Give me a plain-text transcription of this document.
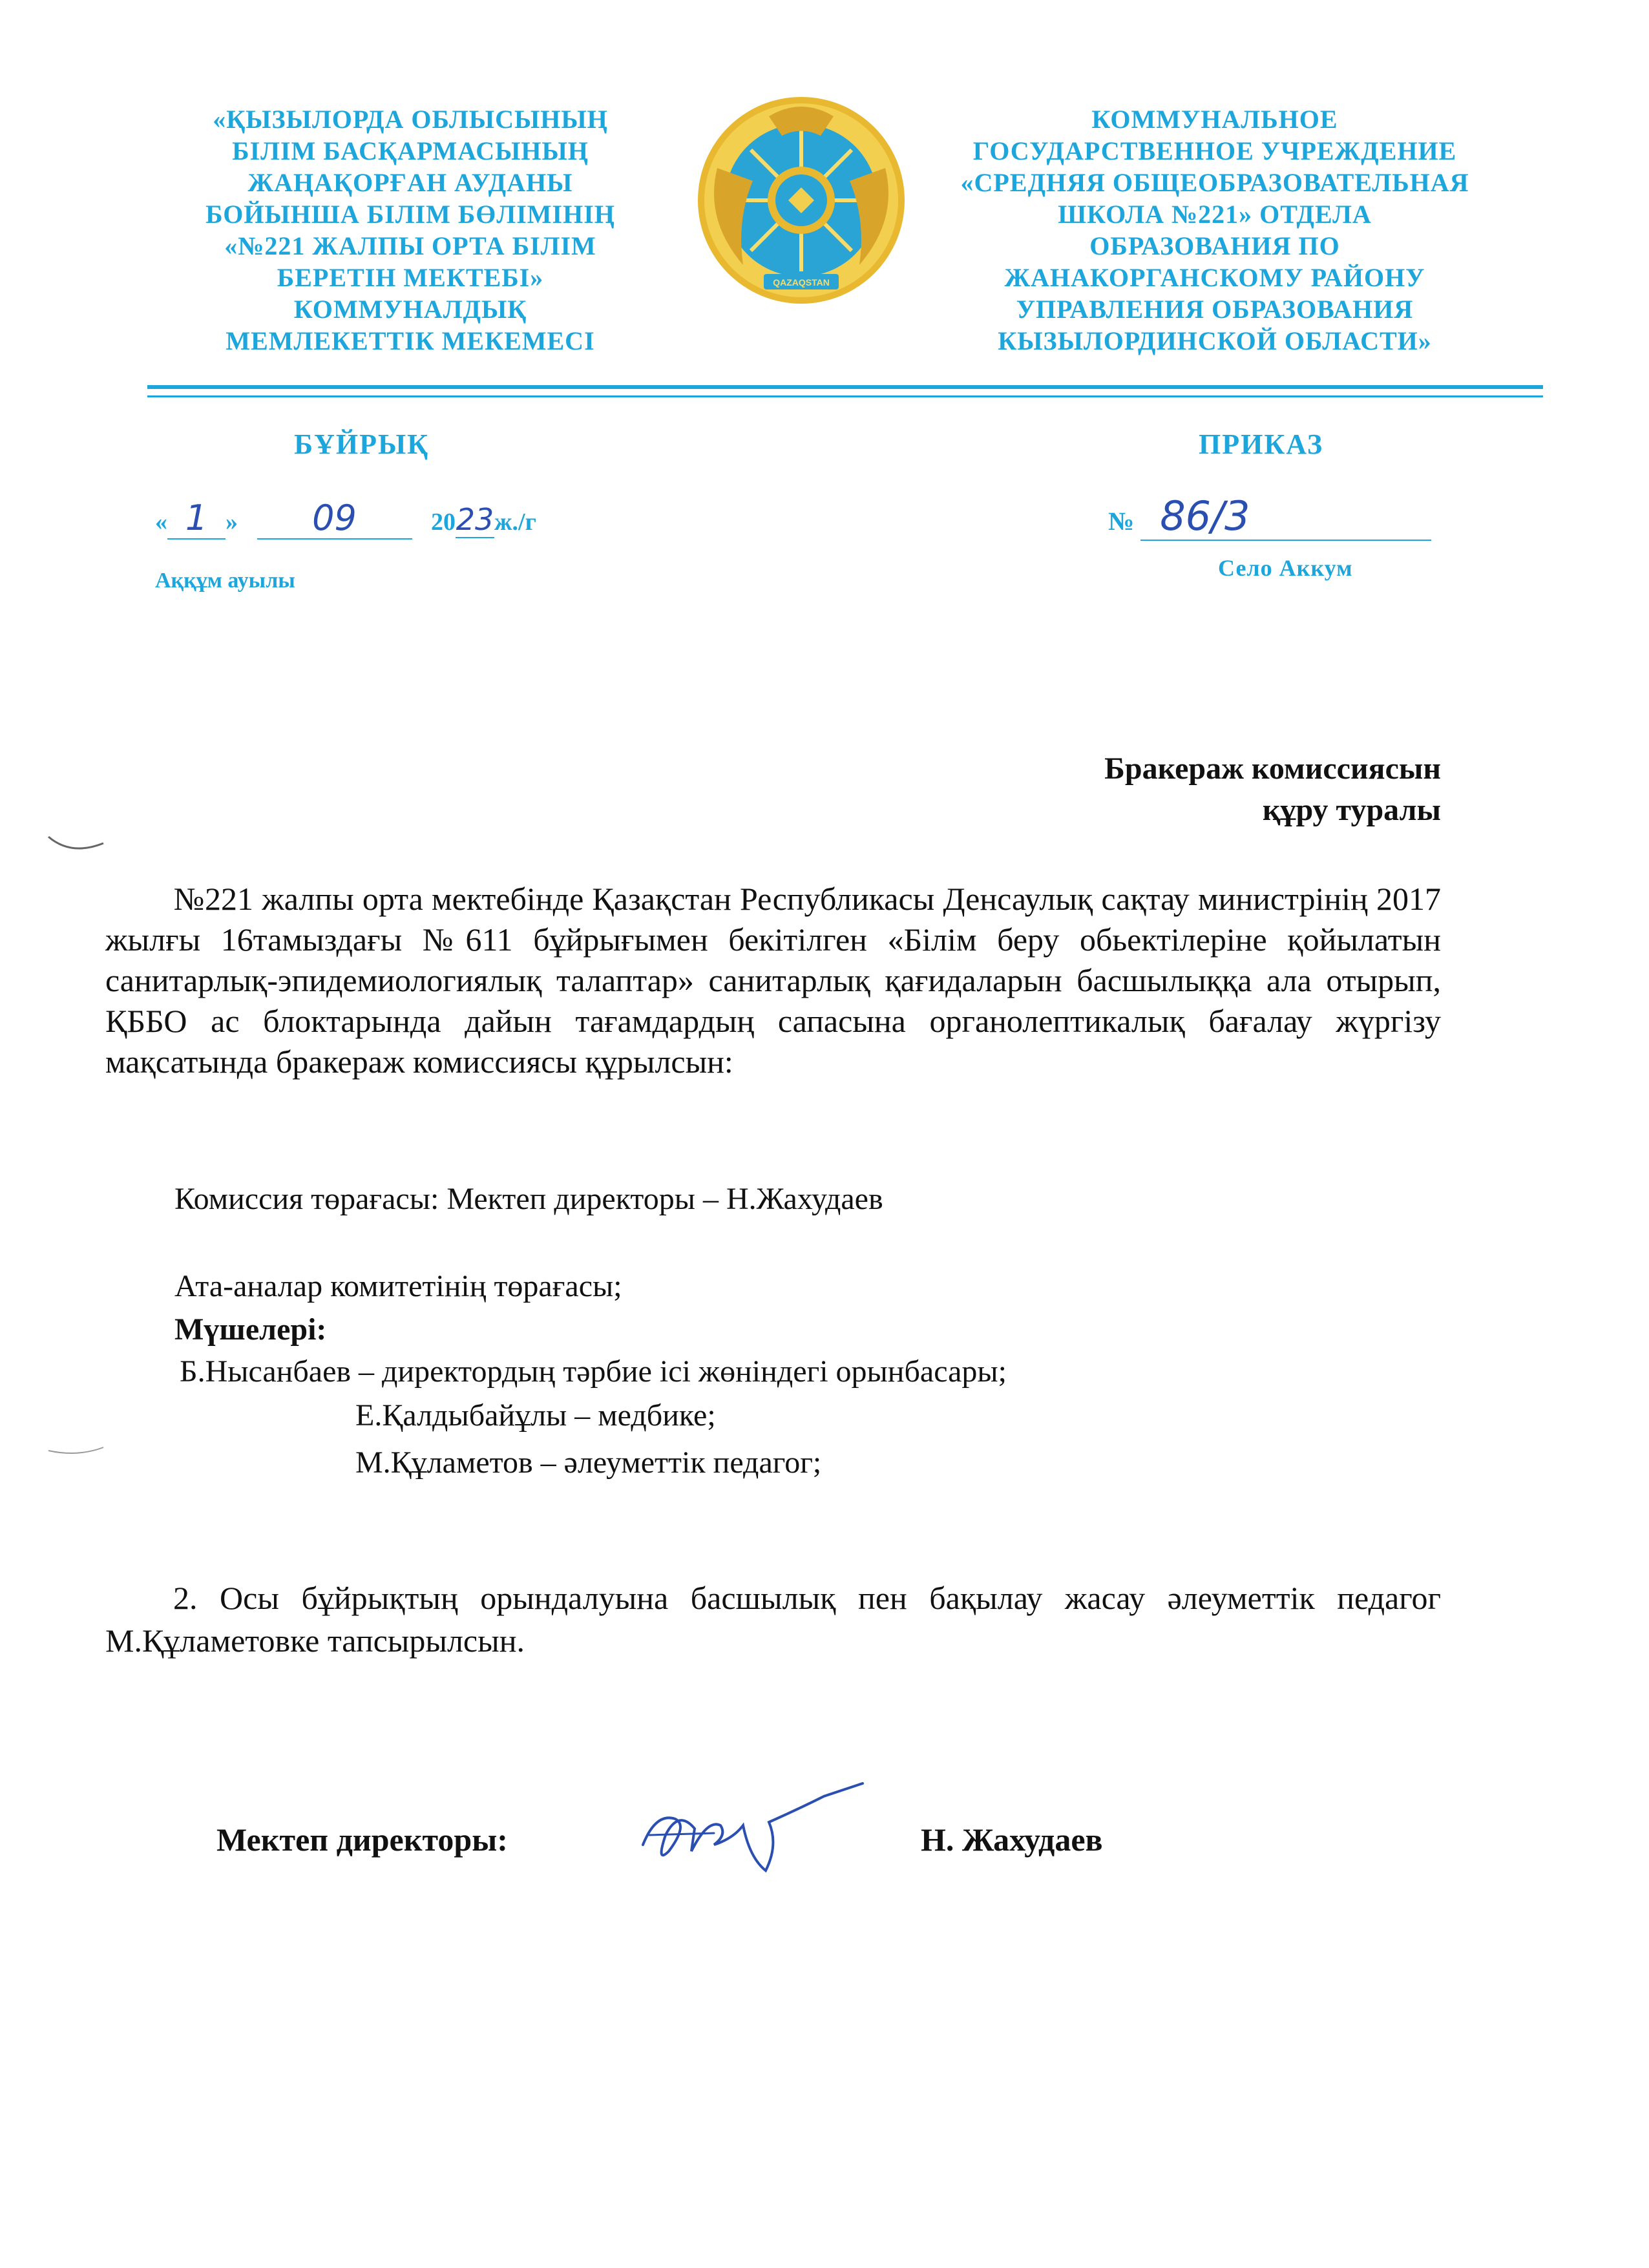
«ҚЫЗЫЛОРДА ОБЛЫСЫНЫҢ
БІЛІМ БАСҚАРМАСЫНЫҢ
ЖАҢАҚОРҒАН АУДАНЫ
БОЙЫНША БІЛІМ БӨЛІМІНІҢ
«№221 ЖАЛПЫ ОРТА БІЛІМ
БЕРЕТІН МЕКТЕБІ»
КОММУНАЛДЫҚ
МЕМЛЕКЕТТІК МЕКЕМЕСІ
QAZAQSTAN
КОММУНАЛЬНОЕ
ГОСУДАРСТВЕННОЕ УЧРЕЖДЕНИЕ
«СРЕДНЯЯ ОБЩЕОБРАЗОВАТЕЛЬНАЯ
ШКОЛА №221» ОТДЕЛА
ОБРАЗОВАНИЯ ПО
ЖАНАКОРГАНСКОМУ РАЙОНУ
УПРАВЛЕНИЯ ОБРАЗОВАНИЯ
КЫЗЫЛОРДИНСКОЙ ОБЛАСТИ»
БҰЙРЫҚ	ПРИКАЗ
« 1 » 09	2023ж./г	№ 86/3
Аққұм ауылы	Село Аккум
Бракераж комиссиясын
құру туралы
№221 жалпы орта мектебінде Қазақстан Республикасы Денсаулық сақтау министрінің 2017 жылғы 16тамыздағы №611 бұйрығымен бекітілген «Білім беру обьектілеріне қойылатын санитарлық-эпидемиологиялық талаптар» санитарлық қағидаларын басшылыққа ала отырып, ҚББО ас блоктарында дайын тағамдардың сапасына органолептикалық бағалау жүргізу мақсатында бракераж комиссиясы құрылсын:
Комиссия төрағасы: Мектеп директоры – Н.Жахудаев
Ата-аналар комитетінің төрағасы;
Мүшелері:
Б.Нысанбаев – директордың тәрбие ісі жөніндегі орынбасары;
Е.Қалдыбайұлы – медбике;
М.Құламетов – әлеуметтік педагог;
2. Осы бұйрықтың орындалуына басшылық пен бақылау жасау әлеуметтік педагог М.Құламетовке тапсырылсын.
Мектеп директоры:	Н. Жахудаев
